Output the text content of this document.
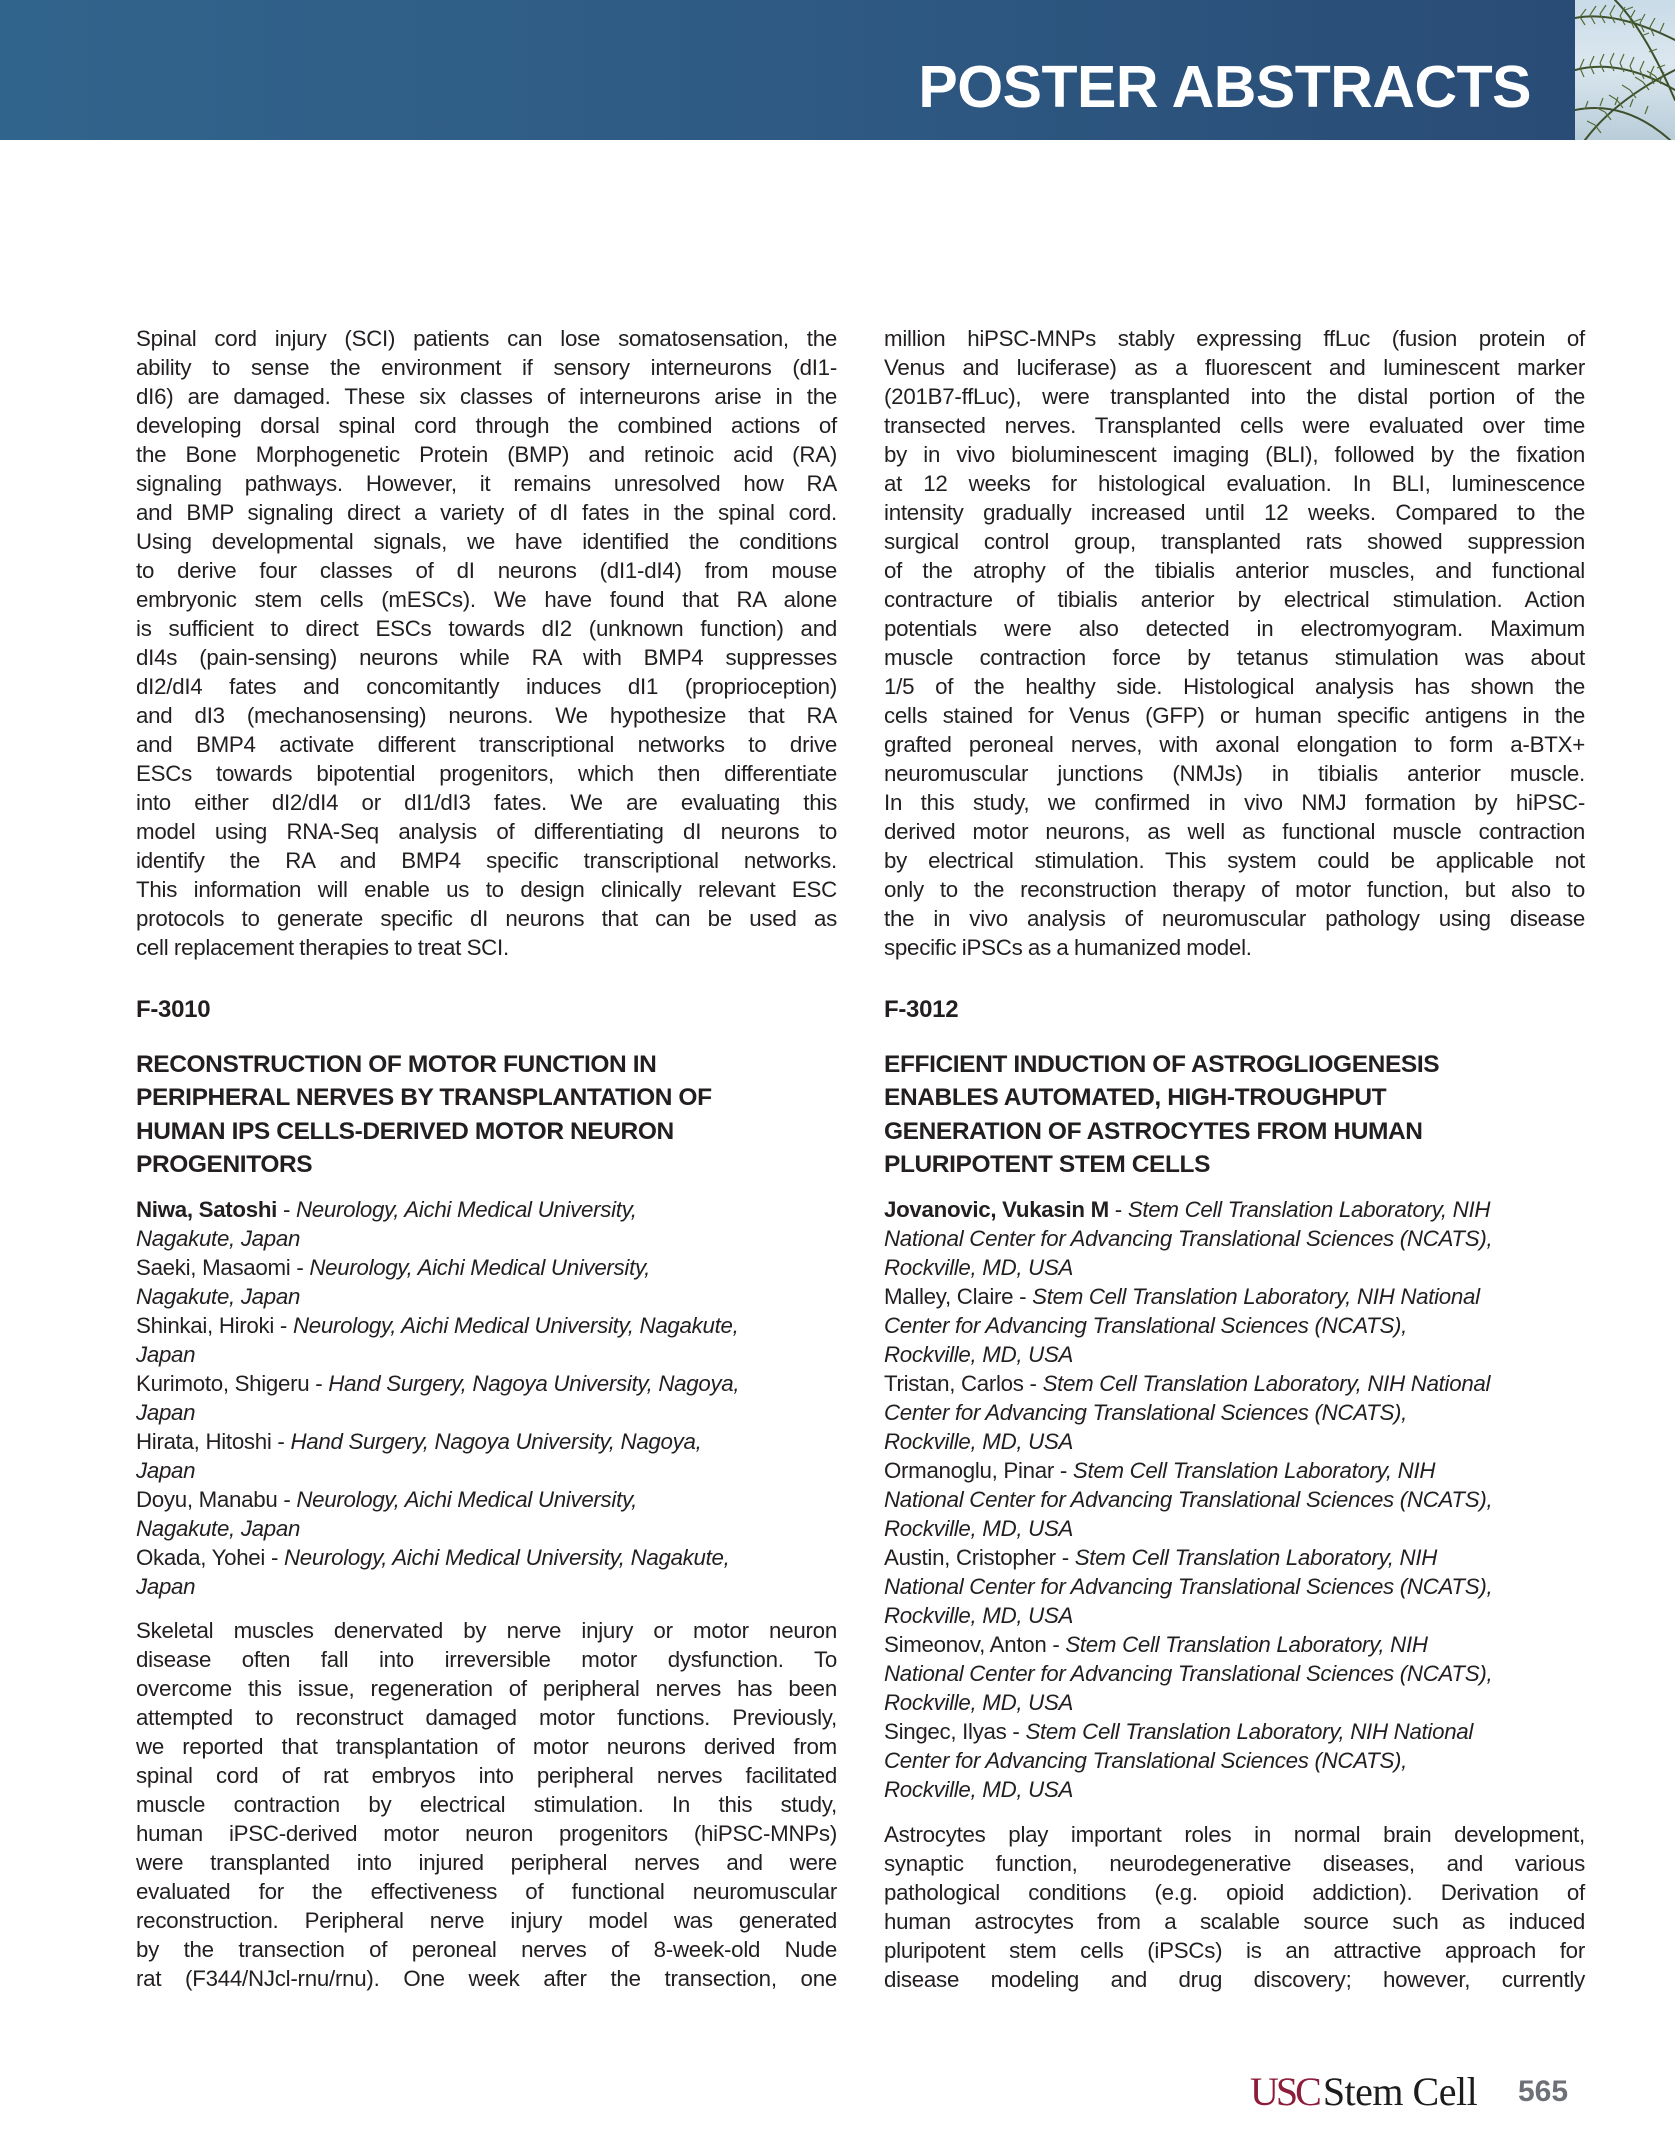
POSTER ABSTRACTS
Spinal cord injury (SCI) patients can lose somatosensation, the
ability to sense the environment if sensory interneurons (dI1-
dI6) are damaged. These six classes of interneurons arise in the
developing dorsal spinal cord through the combined actions of
the Bone Morphogenetic Protein (BMP) and retinoic acid (RA)
signaling pathways. However, it remains unresolved how RA
and BMP signaling direct a variety of dI fates in the spinal cord.
Using developmental signals, we have identified the conditions
to derive four classes of dI neurons (dI1-dI4) from mouse
embryonic stem cells (mESCs). We have found that RA alone
is sufficient to direct ESCs towards dI2 (unknown function) and
dI4s (pain-sensing) neurons while RA with BMP4 suppresses
dI2/dI4 fates and concomitantly induces dI1 (proprioception)
and dI3 (mechanosensing) neurons. We hypothesize that RA
and BMP4 activate different transcriptional networks to drive
ESCs towards bipotential progenitors, which then differentiate
into either dI2/dI4 or dI1/dI3 fates. We are evaluating this
model using RNA-Seq analysis of differentiating dI neurons to
identify the RA and BMP4 specific transcriptional networks.
This information will enable us to design clinically relevant ESC
protocols to generate specific dI neurons that can be used as
cell replacement therapies to treat SCI.
F-3010
RECONSTRUCTION OF MOTOR FUNCTION IN
PERIPHERAL NERVES BY TRANSPLANTATION OF
HUMAN IPS CELLS-DERIVED MOTOR NEURON
PROGENITORS
Niwa, Satoshi - Neurology, Aichi Medical University,
Nagakute, Japan
Saeki, Masaomi - Neurology, Aichi Medical University,
Nagakute, Japan
Shinkai, Hiroki - Neurology, Aichi Medical University, Nagakute,
Japan
Kurimoto, Shigeru - Hand Surgery, Nagoya University, Nagoya,
Japan
Hirata, Hitoshi - Hand Surgery, Nagoya University, Nagoya,
Japan
Doyu, Manabu - Neurology, Aichi Medical University,
Nagakute, Japan
Okada, Yohei - Neurology, Aichi Medical University, Nagakute,
Japan
Skeletal muscles denervated by nerve injury or motor neuron
disease often fall into irreversible motor dysfunction. To
overcome this issue, regeneration of peripheral nerves has been
attempted to reconstruct damaged motor functions. Previously,
we reported that transplantation of motor neurons derived from
spinal cord of rat embryos into peripheral nerves facilitated
muscle contraction by electrical stimulation. In this study,
human iPSC-derived motor neuron progenitors (hiPSC-MNPs)
were transplanted into injured peripheral nerves and were
evaluated for the effectiveness of functional neuromuscular
reconstruction. Peripheral nerve injury model was generated
by the transection of peroneal nerves of 8-week-old Nude
rat (F344/NJcl-rnu/rnu). One week after the transection, one
million hiPSC-MNPs stably expressing ffLuc (fusion protein of
Venus and luciferase) as a fluorescent and luminescent marker
(201B7-ffLuc), were transplanted into the distal portion of the
transected nerves. Transplanted cells were evaluated over time
by in vivo bioluminescent imaging (BLI), followed by the fixation
at 12 weeks for histological evaluation. In BLI, luminescence
intensity gradually increased until 12 weeks. Compared to the
surgical control group, transplanted rats showed suppression
of the atrophy of the tibialis anterior muscles, and functional
contracture of tibialis anterior by electrical stimulation. Action
potentials were also detected in electromyogram. Maximum
muscle contraction force by tetanus stimulation was about
1/5 of the healthy side. Histological analysis has shown the
cells stained for Venus (GFP) or human specific antigens in the
grafted peroneal nerves, with axonal elongation to form a-BTX+
neuromuscular junctions (NMJs) in tibialis anterior muscle.
In this study, we confirmed in vivo NMJ formation by hiPSC-
derived motor neurons, as well as functional muscle contraction
by electrical stimulation. This system could be applicable not
only to the reconstruction therapy of motor function, but also to
the in vivo analysis of neuromuscular pathology using disease
specific iPSCs as a humanized model.
F-3012
EFFICIENT INDUCTION OF ASTROGLIOGENESIS
ENABLES AUTOMATED, HIGH-TROUGHPUT
GENERATION OF ASTROCYTES FROM HUMAN
PLURIPOTENT STEM CELLS
Jovanovic, Vukasin M - Stem Cell Translation Laboratory, NIH
National Center for Advancing Translational Sciences (NCATS),
Rockville, MD, USA
Malley, Claire - Stem Cell Translation Laboratory, NIH National
Center for Advancing Translational Sciences (NCATS),
Rockville, MD, USA
Tristan, Carlos - Stem Cell Translation Laboratory, NIH National
Center for Advancing Translational Sciences (NCATS),
Rockville, MD, USA
Ormanoglu, Pinar - Stem Cell Translation Laboratory, NIH
National Center for Advancing Translational Sciences (NCATS),
Rockville, MD, USA
Austin, Cristopher - Stem Cell Translation Laboratory, NIH
National Center for Advancing Translational Sciences (NCATS),
Rockville, MD, USA
Simeonov, Anton - Stem Cell Translation Laboratory, NIH
National Center for Advancing Translational Sciences (NCATS),
Rockville, MD, USA
Singec, Ilyas - Stem Cell Translation Laboratory, NIH National
Center for Advancing Translational Sciences (NCATS),
Rockville, MD, USA
Astrocytes play important roles in normal brain development,
synaptic function, neurodegenerative diseases, and various
pathological conditions (e.g. opioid addiction). Derivation of
human astrocytes from a scalable source such as induced
pluripotent stem cells (iPSCs) is an attractive approach for
disease modeling and drug discovery; however, currently
USC Stem Cell 565
